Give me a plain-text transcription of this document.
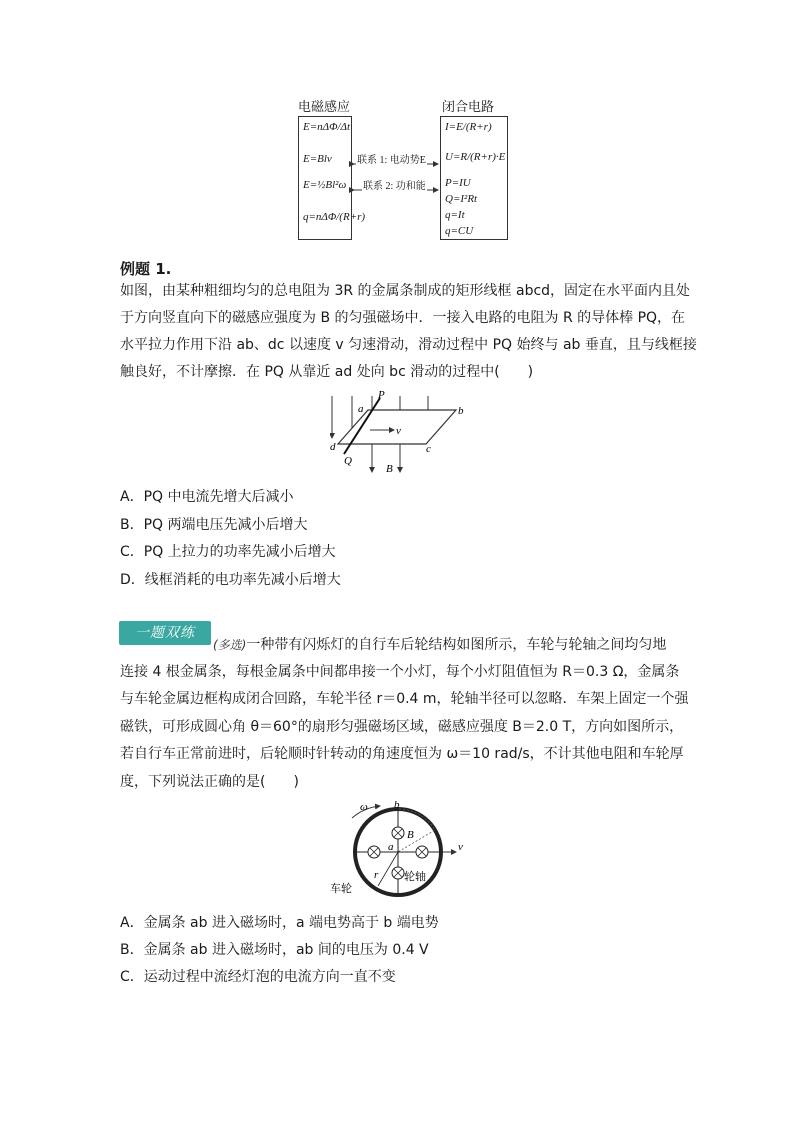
电磁感应	闭合电路
E=nΔΦ/Δt
E=Blv
E=½Bl²ω
q=nΔΦ/(R+r)
I=E/(R+r)
U=R/(R+r)·E
P=IU
Q=I²Rt
q=It
q=CU
联系 1: 电动势E
联系 2: 功和能
例题 1.
如图，由某种粗细均匀的总电阻为 3R 的金属条制成的矩形线框 abcd，固定在水平面内且处
于方向竖直向下的磁感应强度为 B 的匀强磁场中．一接入电路的电阻为 R 的导体棒 PQ，在
水平拉力作用下沿 ab、dc 以速度 v 匀速滑动，滑动过程中 PQ 始终与 ab 垂直，且与线框接
触良好，不计摩擦．在 PQ 从靠近 ad 处向 bc 滑动的过程中(　　)
a
P
b
v
d
Q
c
B
A．PQ 中电流先增大后减小
B．PQ 两端电压先减小后增大
C．PQ 上拉力的功率先减小后增大
D．线框消耗的电功率先减小后增大
一题双练
(多选)一种带有闪烁灯的自行车后轮结构如图所示，车轮与轮轴之间均匀地
连接 4 根金属条，每根金属条中间都串接一个小灯，每个小灯阻值恒为 R＝0.3 Ω，金属条
与车轮金属边框构成闭合回路，车轮半径 r＝0.4 m，轮轴半径可以忽略．车架上固定一个强
磁铁，可形成圆心角 θ＝60°的扇形匀强磁场区域，磁感应强度 B＝2.0 T，方向如图所示，
若自行车正常前进时，后轮顺时针转动的角速度恒为 ω＝10 rad/s，不计其他电阻和车轮厚
度，下列说法正确的是(　　)
ω b
B
a
r
v
轮轴
车轮
A．金属条 ab 进入磁场时，a 端电势高于 b 端电势
B．金属条 ab 进入磁场时，ab 间的电压为 0.4 V
C．运动过程中流经灯泡的电流方向一直不变
